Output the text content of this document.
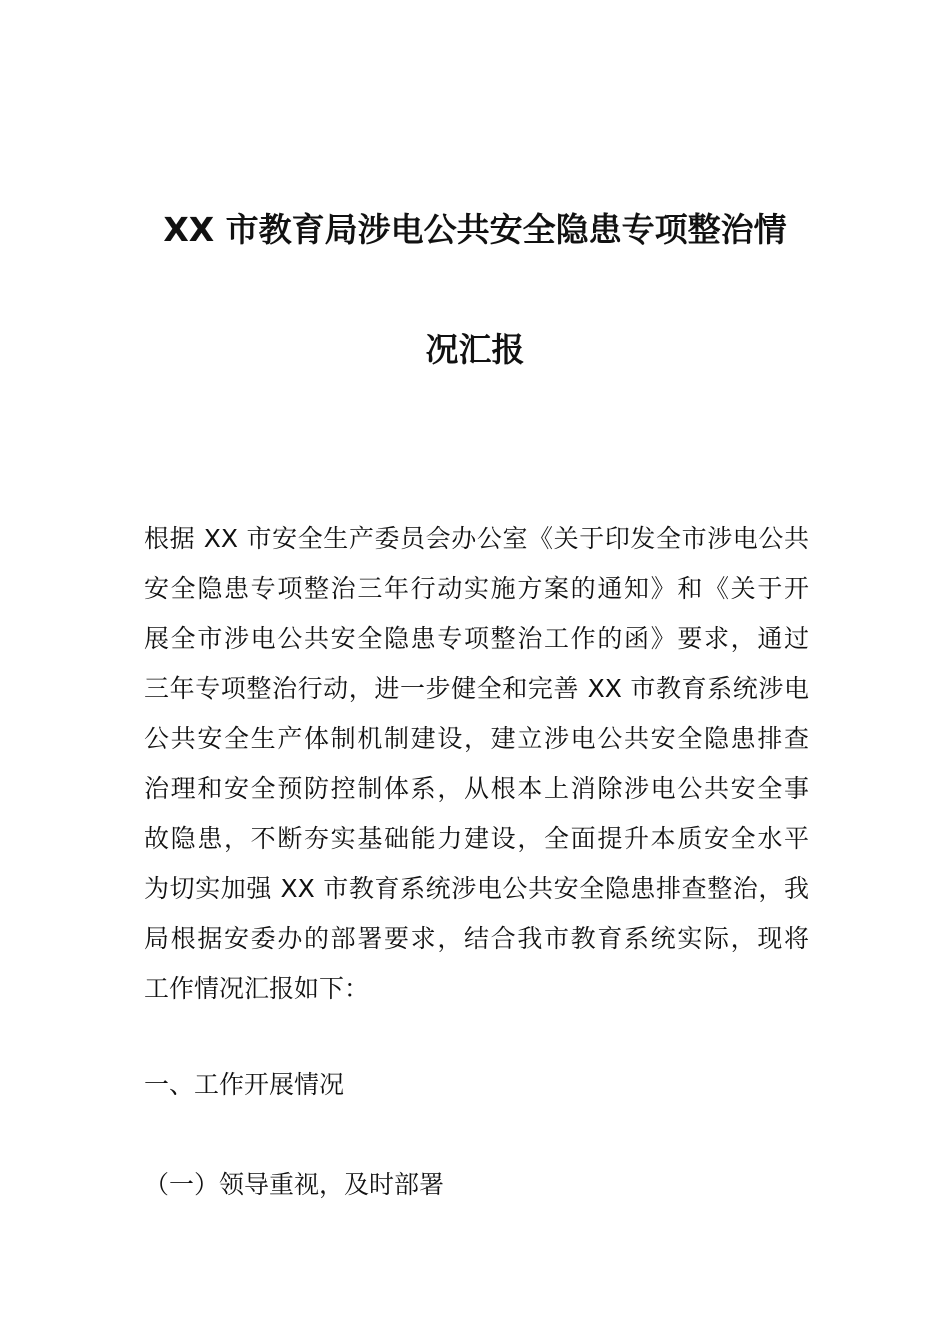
XX 市教育局涉电公共安全隐患专项整治情
况汇报
根据 XX 市安全生产委员会办公室《关于印发全市涉电公共
安全隐患专项整治三年行动实施方案的通知》和《关于开
展全市涉电公共安全隐患专项整治工作的函》要求，通过
三年专项整治行动，进一步健全和完善 XX 市教育系统涉电
公共安全生产体制机制建设，建立涉电公共安全隐患排查
治理和安全预防控制体系，从根本上消除涉电公共安全事
故隐患，不断夯实基础能力建设，全面提升本质安全水平
为切实加强 XX 市教育系统涉电公共安全隐患排查整治，我
局根据安委办的部署要求，结合我市教育系统实际，现将
工作情况汇报如下：
一、工作开展情况
（一）领导重视，及时部署
